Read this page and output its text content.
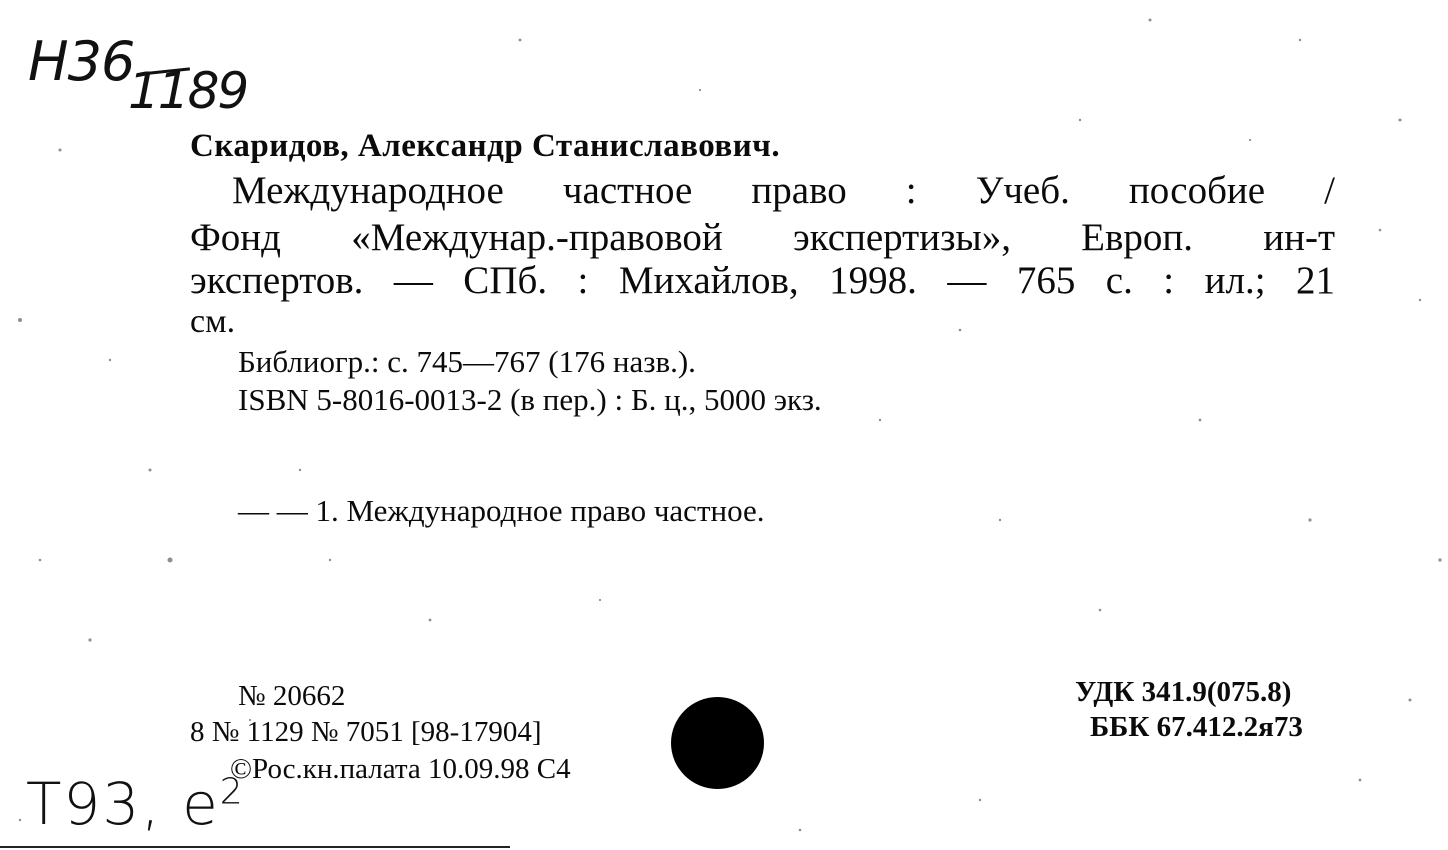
Н36
1189
Скаридов, Александр Станиславович.
Международное частное право : Учеб. пособие /
Фонд «Междунар.-правовой экспертизы», Европ. ин-т
экспертов. — СПб. : Михайлов, 1998. — 765 с. : ил.; 21
см.
Библиогр.: с. 745—767 (176 назв.).
ISBN 5-8016-0013-2 (в пер.) : Б. ц., 5000 экз.
— — 1. Международное право частное.
№ 20662
8 № 1129 № 7051 [98-17904]
©Рос.кн.палата 10.09.98 С4
УДК 341.9(075.8)
ББК 67.412.2я73
Т93, $е^2$
